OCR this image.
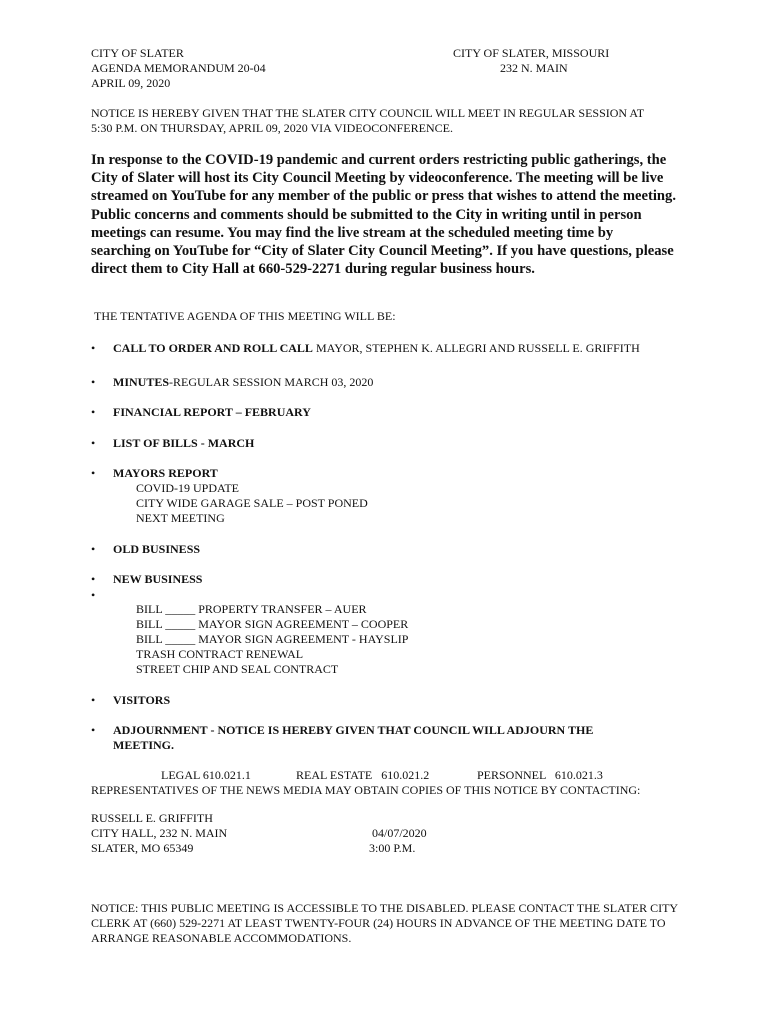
CITY OF SLATER
AGENDA MEMORANDUM 20-04
APRIL 09, 2020
CITY OF SLATER, MISSOURI
232 N. MAIN
NOTICE IS HEREBY GIVEN THAT THE SLATER CITY COUNCIL WILL MEET IN REGULAR SESSION AT
5:30 P.M. ON THURSDAY, APRIL 09, 2020 VIA VIDEOCONFERENCE.
In response to the COVID-19 pandemic and current orders restricting public gatherings, the City of Slater will host its City Council Meeting by videoconference. The meeting will be live streamed on YouTube for any member of the public or press that wishes to attend the meeting. Public concerns and comments should be submitted to the City in writing until in person meetings can resume. You may find the live stream at the scheduled meeting time by searching on YouTube for “City of Slater City Council Meeting”. If you have questions, please direct them to City Hall at 660-529-2271 during regular business hours.
THE TENTATIVE AGENDA OF THIS MEETING WILL BE:
• CALL TO ORDER AND ROLL CALL MAYOR, STEPHEN K. ALLEGRI AND RUSSELL E. GRIFFITH
• MINUTES-REGULAR SESSION MARCH 03, 2020
• FINANCIAL REPORT – FEBRUARY
• LIST OF BILLS - MARCH
• MAYORS REPORT
COVID-19 UPDATE
CITY WIDE GARAGE SALE – POST PONED
NEXT MEETING
• OLD BUSINESS
• NEW BUSINESS
•
BILL _____ PROPERTY TRANSFER – AUER
BILL _____ MAYOR SIGN AGREEMENT – COOPER
BILL _____ MAYOR SIGN AGREEMENT - HAYSLIP
TRASH CONTRACT RENEWAL
STREET CHIP AND SEAL CONTRACT
• VISITORS
• ADJOURNMENT - NOTICE IS HEREBY GIVEN THAT COUNCIL WILL ADJOURN THE MEETING.
LEGAL 610.021.1	REAL ESTATE   610.021.2	PERSONNEL   610.021.3
REPRESENTATIVES OF THE NEWS MEDIA MAY OBTAIN COPIES OF THIS NOTICE BY CONTACTING:
RUSSELL E. GRIFFITH
CITY HALL, 232 N. MAIN
SLATER, MO 65349
04/07/2020
3:00 P.M.
NOTICE: THIS PUBLIC MEETING IS ACCESSIBLE TO THE DISABLED. PLEASE CONTACT THE SLATER CITY CLERK AT (660) 529-2271 AT LEAST TWENTY-FOUR (24) HOURS IN ADVANCE OF THE MEETING DATE TO ARRANGE REASONABLE ACCOMMODATIONS.
